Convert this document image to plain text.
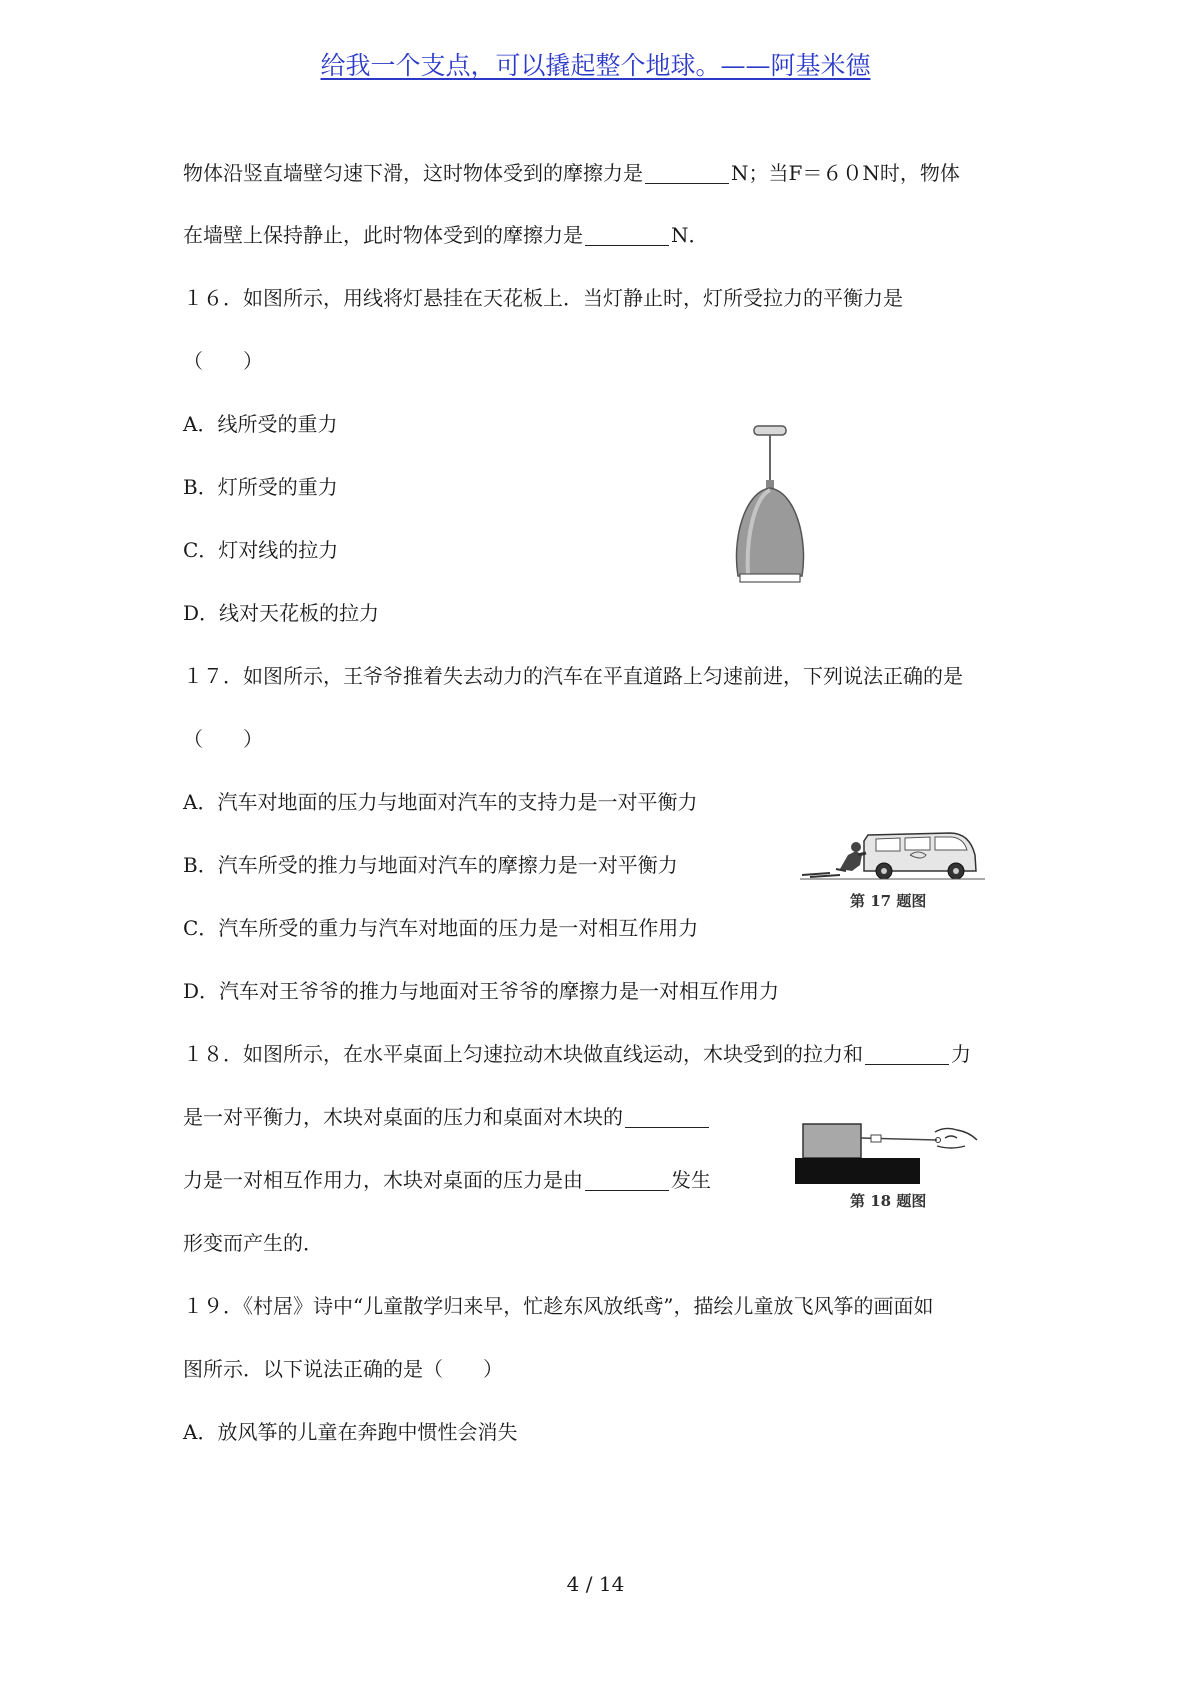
给我一个支点，可以撬起整个地球。——阿基米德
物体沿竖直墙壁匀速下滑，这时物体受到的摩擦力是	N；当F＝６０N时，物体
在墙壁上保持静止，此时物体受到的摩擦力是	N．
１６．如图所示，用线将灯悬挂在天花板上．当灯静止时，灯所受拉力的平衡力是
（　　）
A．线所受的重力
B．灯所受的重力
C．灯对线的拉力
D．线对天花板的拉力
１７．如图所示，王爷爷推着失去动力的汽车在平直道路上匀速前进，下列说法正确的是
（　　）
A．汽车对地面的压力与地面对汽车的支持力是一对平衡力
B．汽车所受的推力与地面对汽车的摩擦力是一对平衡力
C．汽车所受的重力与汽车对地面的压力是一对相互作用力
D．汽车对王爷爷的推力与地面对王爷爷的摩擦力是一对相互作用力
第 17 题图
１８．如图所示，在水平桌面上匀速拉动木块做直线运动，木块受到的拉力和	力
是一对平衡力，木块对桌面的压力和桌面对木块的
力是一对相互作用力，木块对桌面的压力是由	发生
形变而产生的．
第 18 题图
１９．《村居》诗中“儿童散学归来早，忙趁东风放纸鸢”，描绘儿童放飞风筝的画面如
图所示．以下说法正确的是（　　）
A．放风筝的儿童在奔跑中惯性会消失
4 / 14
